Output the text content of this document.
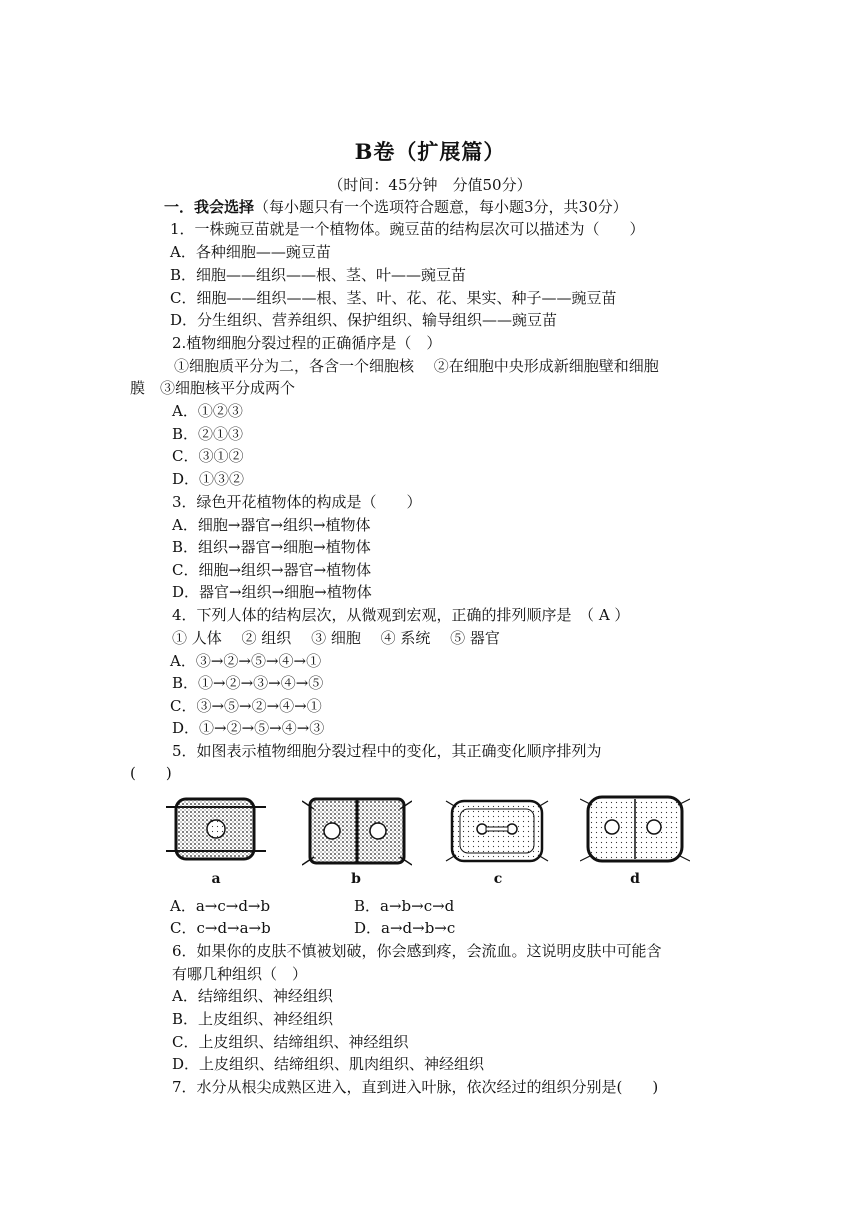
B卷（扩展篇）
（时间：45分钟　分值50分）
一．我会选择（每小题只有一个选项符合题意，每小题3分，共30分）
1．一株豌豆苗就是一个植物体。豌豆苗的结构层次可以描述为（　　）
A．各种细胞——豌豆苗
B．细胞——组织——根、茎、叶——豌豆苗
C．细胞——组织——根、茎、叶、花、花、果实、种子——豌豆苗
D．分生组织、营养组织、保护组织、输导组织——豌豆苗
2.植物细胞分裂过程的正确循序是（　）
①细胞质平分为二，各含一个细胞核　 ②在细胞中央形成新细胞壁和细胞
膜　③细胞核平分成两个
A．①②③
B．②①③
C．③①②
D．①③②
3．绿色开花植物体的构成是（　　）
A．细胞→器官→组织→植物体
B．组织→器官→细胞→植物体
C．细胞→组织→器官→植物体
D．器官→组织→细胞→植物体
4．下列人体的结构层次，从微观到宏观，正确的排列顺序是　（ A ）
① 人体　 ② 组织　 ③ 细胞　 ④ 系统　 ⑤ 器官
A．③→②→⑤→④→①
B．①→②→③→④→⑤
C．③→⑤→②→④→①
D．①→②→⑤→④→③
5．如图表示植物细胞分裂过程中的变化，其正确变化顺序排列为
(　　)
a	b	c	d
A．a→c→d→b	B．a→b→c→d
C．c→d→a→b	D．a→d→b→c
6．如果你的皮肤不慎被划破，你会感到疼，会流血。这说明皮肤中可能含
有哪几种组织（　）
A．结缔组织、神经组织
B．上皮组织、神经组织
C．上皮组织、结缔组织、神经组织
D．上皮组织、结缔组织、肌肉组织、神经组织
7．水分从根尖成熟区进入，直到进入叶脉，依次经过的组织分别是(　　)
